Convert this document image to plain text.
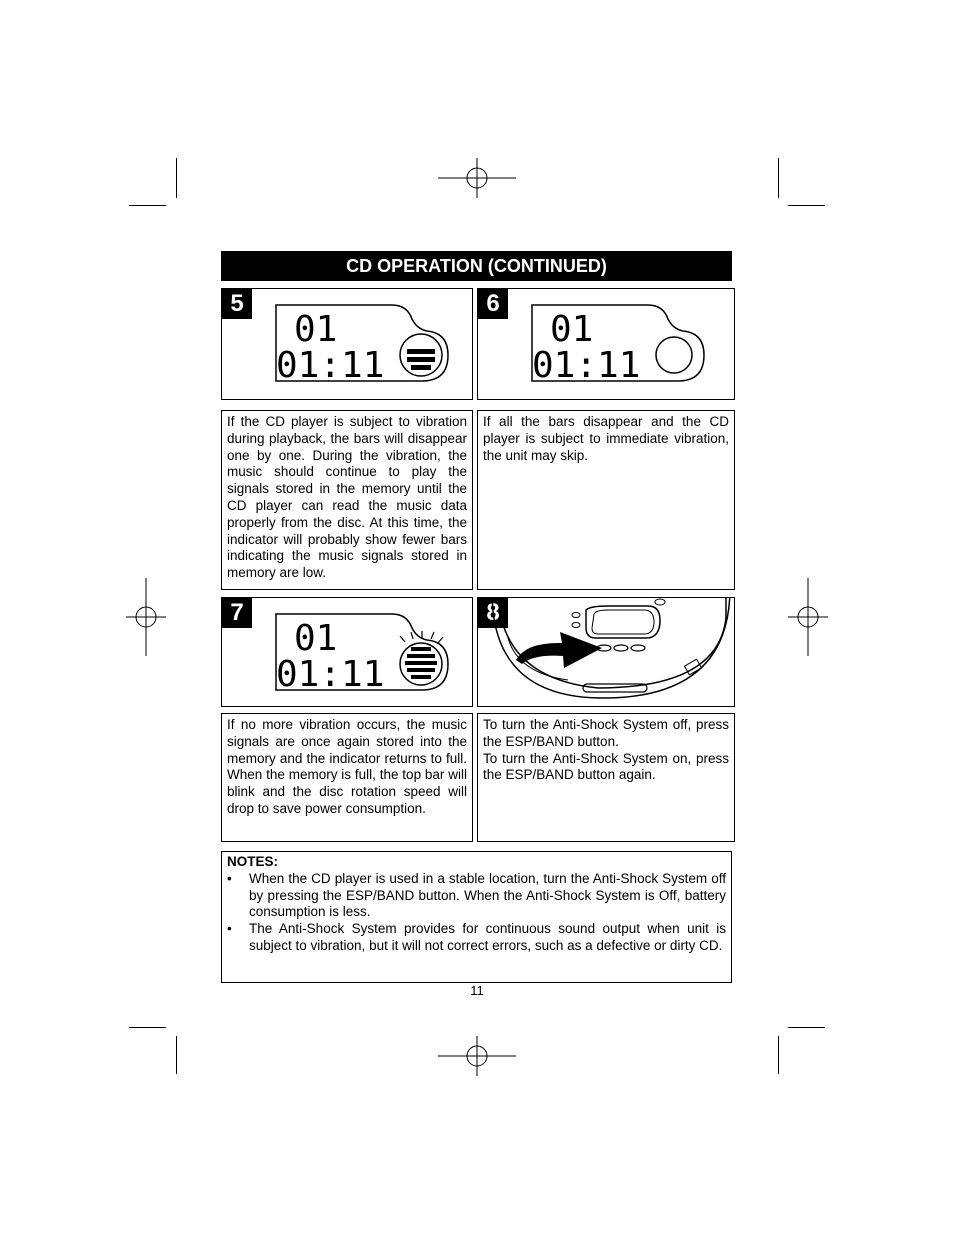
CD OPERATION (CONTINUED)
5
01
01:11
6
01
01:11

If the CD player is subject to vibration during playback, the bars will disappear one by one. During the vibration, the music should continue to play the signals stored in the memory until the CD player can read the music data properly from the disc. At this time, the indicator will probably show fewer bars indicating the music signals stored in memory are low.

If all the bars disappear and the CD player is subject to immediate vibration, the unit may skip.

7
01
01:11
8

If no more vibration occurs, the music signals are once again stored into the memory and the indicator returns to full. When the memory is full, the top bar will blink and the disc rotation speed will drop to save power consumption.

To turn the Anti-Shock System off, press the ESP/BAND button.

To turn the Anti-Shock System on, press the ESP/BAND button again.

NOTES:
• When the CD player is used in a stable location, turn the Anti-Shock System off by pressing the ESP/BAND button. When the Anti-Shock System is Off, battery consumption is less.
• The Anti-Shock System provides for continuous sound output when unit is subject to vibration, but it will not correct errors, such as a defective or dirty CD.
11
